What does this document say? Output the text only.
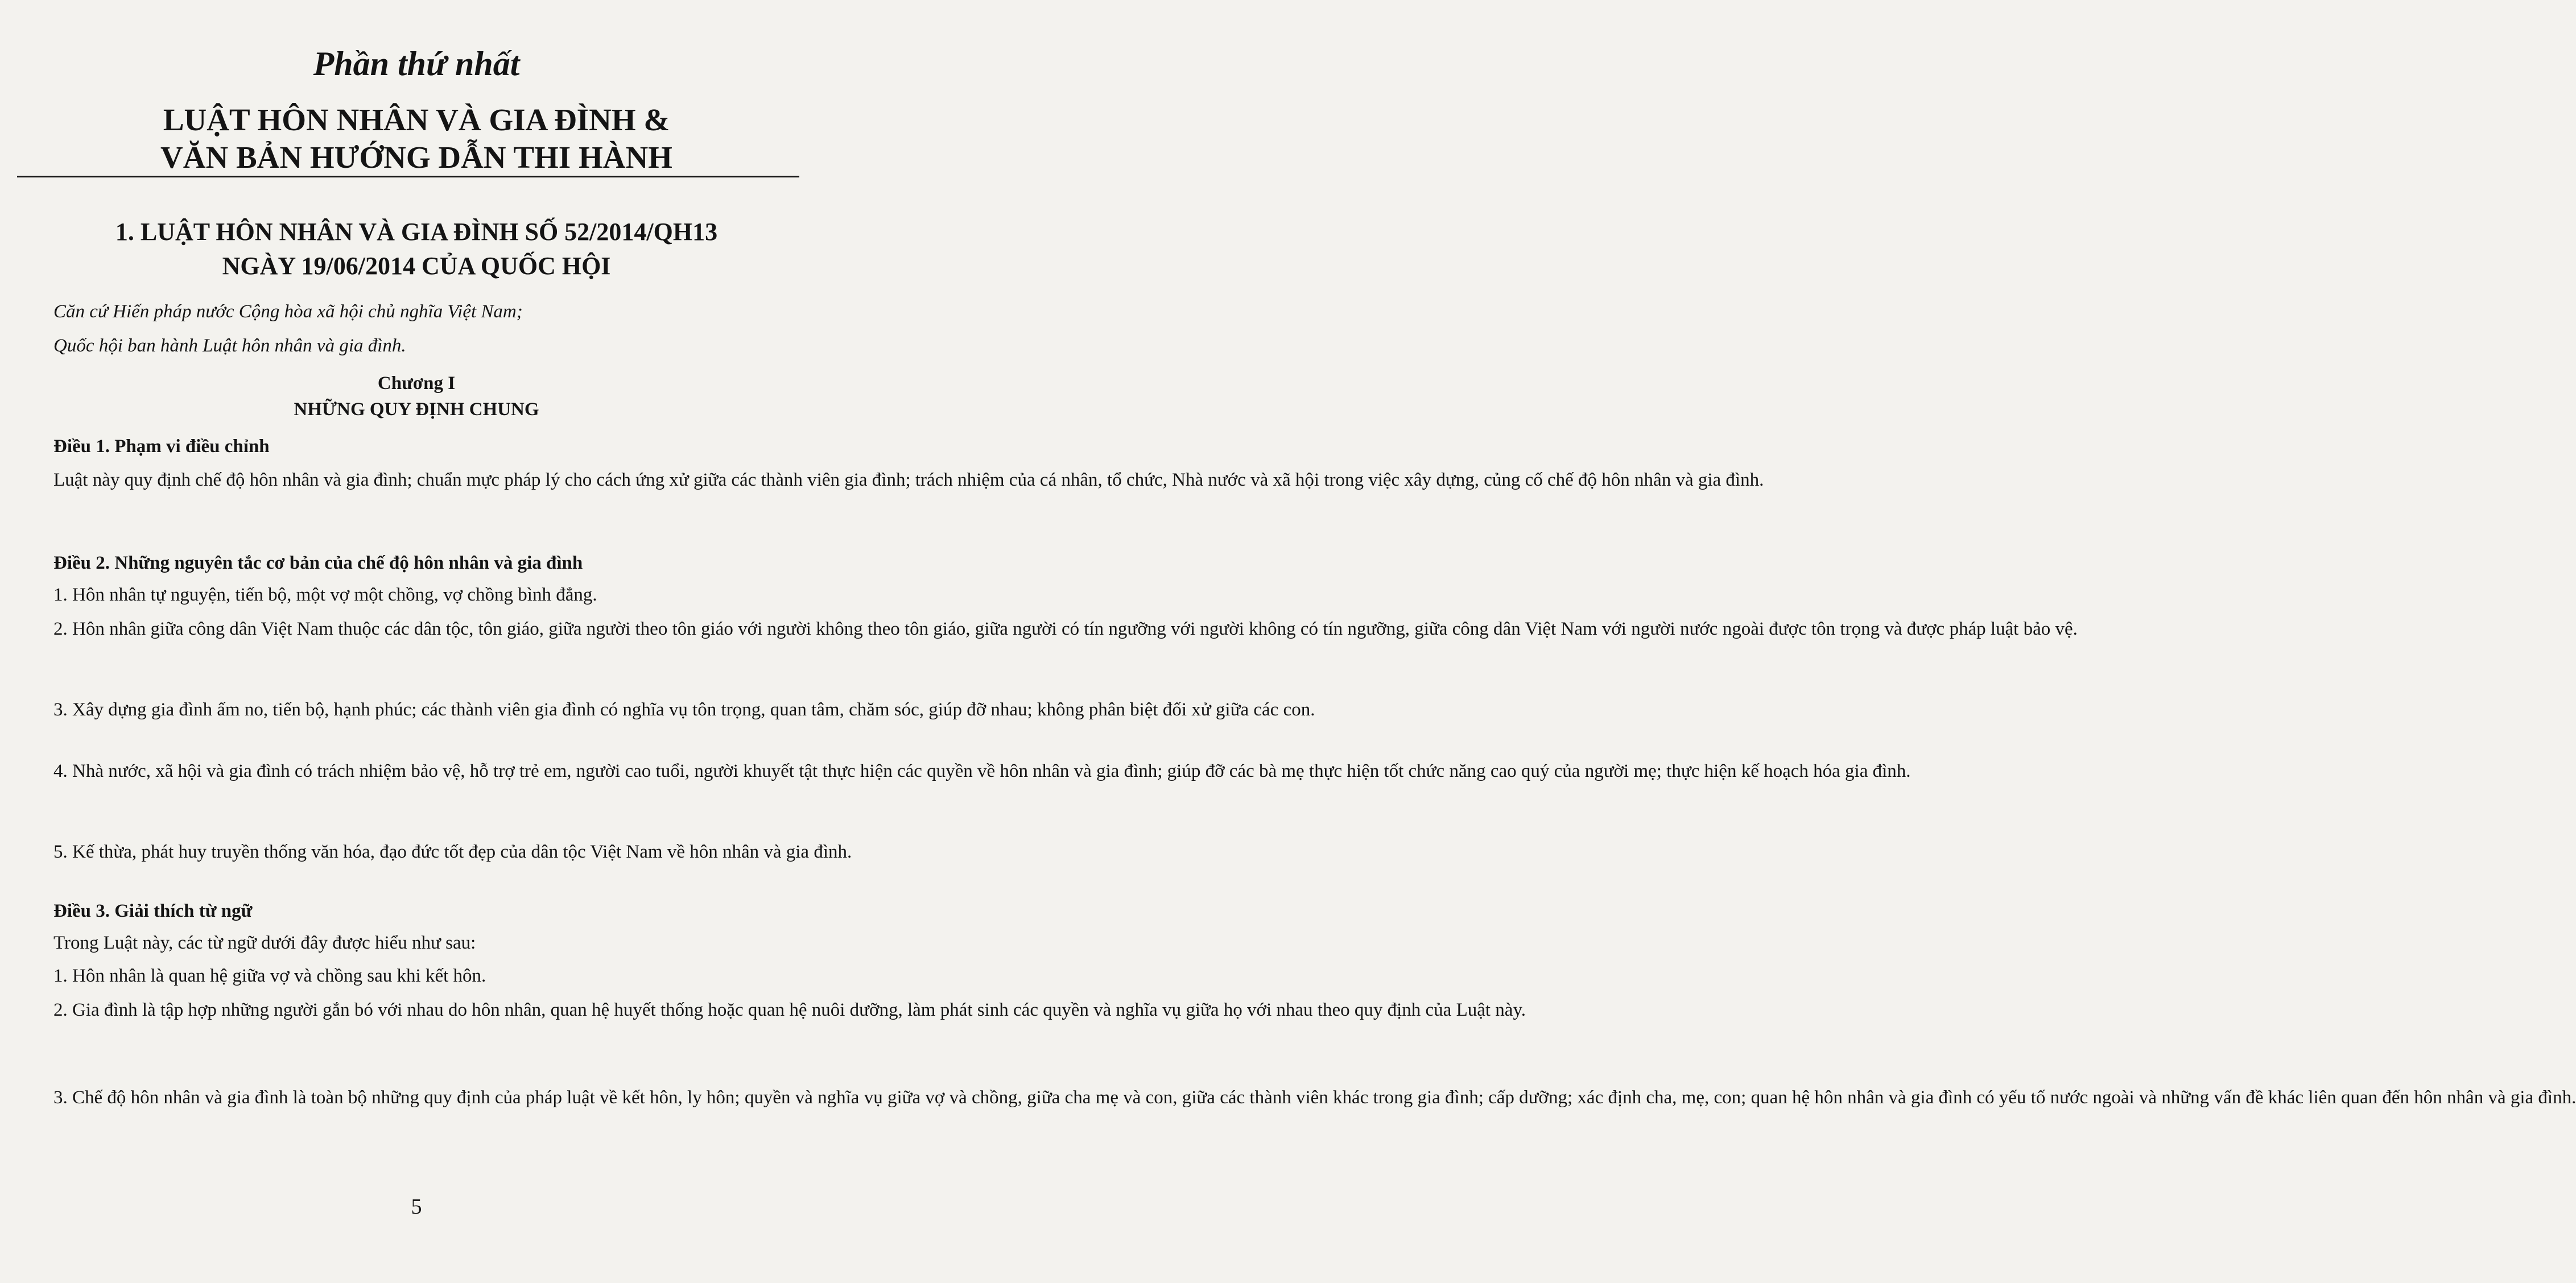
Phần thứ nhất
LUẬT HÔN NHÂN VÀ GIA ĐÌNH &
VĂN BẢN HƯỚNG DẪN THI HÀNH
1. LUẬT HÔN NHÂN VÀ GIA ĐÌNH SỐ 52/2014/QH13
NGÀY 19/06/2014 CỦA QUỐC HỘI

Căn cứ Hiến pháp nước Cộng hòa xã hội chủ nghĩa Việt Nam;

Quốc hội ban hành Luật hôn nhân và gia đình.

Chương I

NHỮNG QUY ĐỊNH CHUNG

Điều 1. Phạm vi điều chỉnh

Luật này quy định chế độ hôn nhân và gia đình; chuẩn mực pháp lý cho cách ứng xử giữa các thành viên gia đình; trách nhiệm của cá nhân, tổ chức, Nhà nước và xã hội trong việc xây dựng, củng cố chế độ hôn nhân và gia đình.

Điều 2. Những nguyên tắc cơ bản của chế độ hôn nhân và gia đình

1. Hôn nhân tự nguyện, tiến bộ, một vợ một chồng, vợ chồng bình đẳng.

2. Hôn nhân giữa công dân Việt Nam thuộc các dân tộc, tôn giáo, giữa người theo tôn giáo với người không theo tôn giáo, giữa người có tín ngưỡng với người không có tín ngưỡng, giữa công dân Việt Nam với người nước ngoài được tôn trọng và được pháp luật bảo vệ.

3. Xây dựng gia đình ấm no, tiến bộ, hạnh phúc; các thành viên gia đình có nghĩa vụ tôn trọng, quan tâm, chăm sóc, giúp đỡ nhau; không phân biệt đối xử giữa các con.

4. Nhà nước, xã hội và gia đình có trách nhiệm bảo vệ, hỗ trợ trẻ em, người cao tuổi, người khuyết tật thực hiện các quyền về hôn nhân và gia đình; giúp đỡ các bà mẹ thực hiện tốt chức năng cao quý của người mẹ; thực hiện kế hoạch hóa gia đình.

5. Kế thừa, phát huy truyền thống văn hóa, đạo đức tốt đẹp của dân tộc Việt Nam về hôn nhân và gia đình.

Điều 3. Giải thích từ ngữ

Trong Luật này, các từ ngữ dưới đây được hiểu như sau:

1. Hôn nhân là quan hệ giữa vợ và chồng sau khi kết hôn.

2. Gia đình là tập hợp những người gắn bó với nhau do hôn nhân, quan hệ huyết thống hoặc quan hệ nuôi dưỡng, làm phát sinh các quyền và nghĩa vụ giữa họ với nhau theo quy định của Luật này.

3. Chế độ hôn nhân và gia đình là toàn bộ những quy định của pháp luật về kết hôn, ly hôn; quyền và nghĩa vụ giữa vợ và chồng, giữa cha mẹ và con, giữa các thành viên khác trong gia đình; cấp dưỡng; xác định cha, mẹ, con; quan hệ hôn nhân và gia đình có yếu tố nước ngoài và những vấn đề khác liên quan đến hôn nhân và gia đình.

5
